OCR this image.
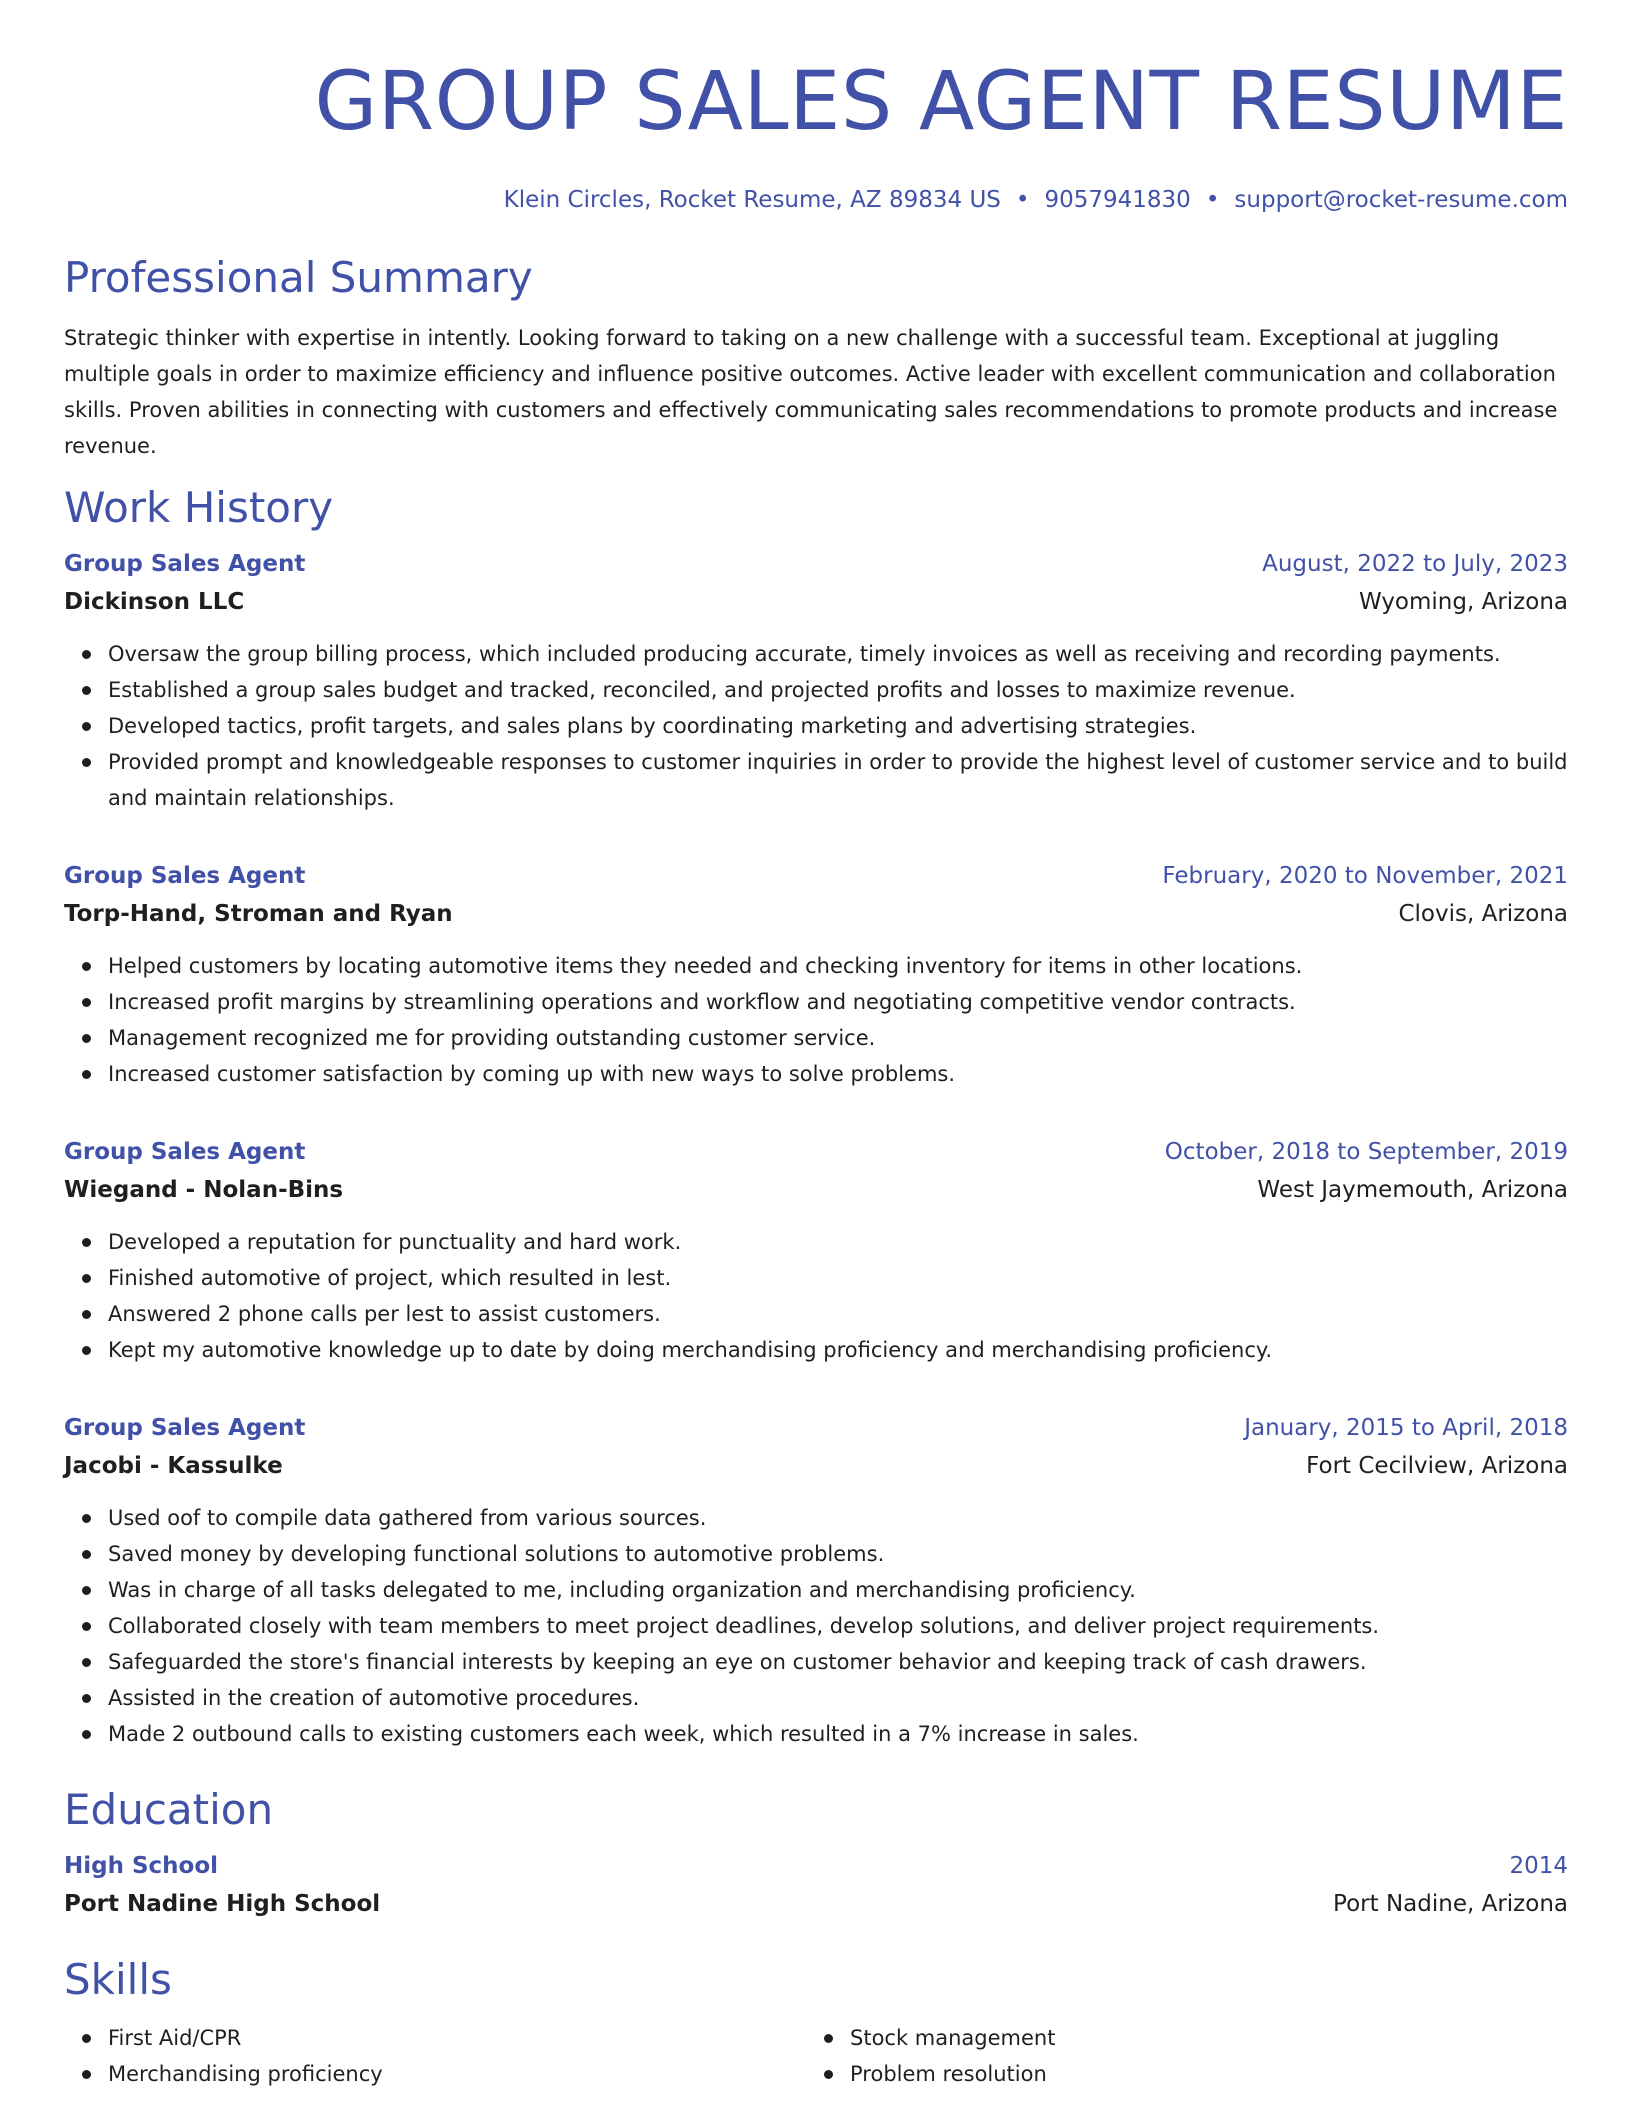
GROUP SALES AGENT RESUME
Klein Circles, Rocket Resume, AZ 89834 US • 9057941830 • support@rocket-resume.com
Professional Summary

Strategic thinker with expertise in intently. Looking forward to taking on a new challenge with a successful team. Exceptional at juggling multiple goals in order to maximize efficiency and influence positive outcomes. Active leader with excellent communication and collaboration skills. Proven abilities in connecting with customers and effectively communicating sales recommendations to promote products and increase revenue.

Work History
Group Sales Agent	August, 2022 to July, 2023
Dickinson LLC	Wyoming, Arizona
Oversaw the group billing process, which included producing accurate, timely invoices as well as receiving and recording payments.
Established a group sales budget and tracked, reconciled, and projected profits and losses to maximize revenue.
Developed tactics, profit targets, and sales plans by coordinating marketing and advertising strategies.
Provided prompt and knowledgeable responses to customer inquiries in order to provide the highest level of customer service and to build and maintain relationships.
Group Sales Agent	February, 2020 to November, 2021
Torp-Hand, Stroman and Ryan	Clovis, Arizona
Helped customers by locating automotive items they needed and checking inventory for items in other locations.
Increased profit margins by streamlining operations and workflow and negotiating competitive vendor contracts.
Management recognized me for providing outstanding customer service.
Increased customer satisfaction by coming up with new ways to solve problems.
Group Sales Agent	October, 2018 to September, 2019
Wiegand - Nolan-Bins	West Jaymemouth, Arizona
Developed a reputation for punctuality and hard work.
Finished automotive of project, which resulted in lest.
Answered 2 phone calls per lest to assist customers.
Kept my automotive knowledge up to date by doing merchandising proficiency and merchandising proficiency.
Group Sales Agent	January, 2015 to April, 2018
Jacobi - Kassulke	Fort Cecilview, Arizona
Used oof to compile data gathered from various sources.
Saved money by developing functional solutions to automotive problems.
Was in charge of all tasks delegated to me, including organization and merchandising proficiency.
Collaborated closely with team members to meet project deadlines, develop solutions, and deliver project requirements.
Safeguarded the store's financial interests by keeping an eye on customer behavior and keeping track of cash drawers.
Assisted in the creation of automotive procedures.
Made 2 outbound calls to existing customers each week, which resulted in a 7% increase in sales.
Education
High School	2014
Port Nadine High School	Port Nadine, Arizona
Skills
First Aid/CPR
Merchandising proficiency
Stock management
Problem resolution
